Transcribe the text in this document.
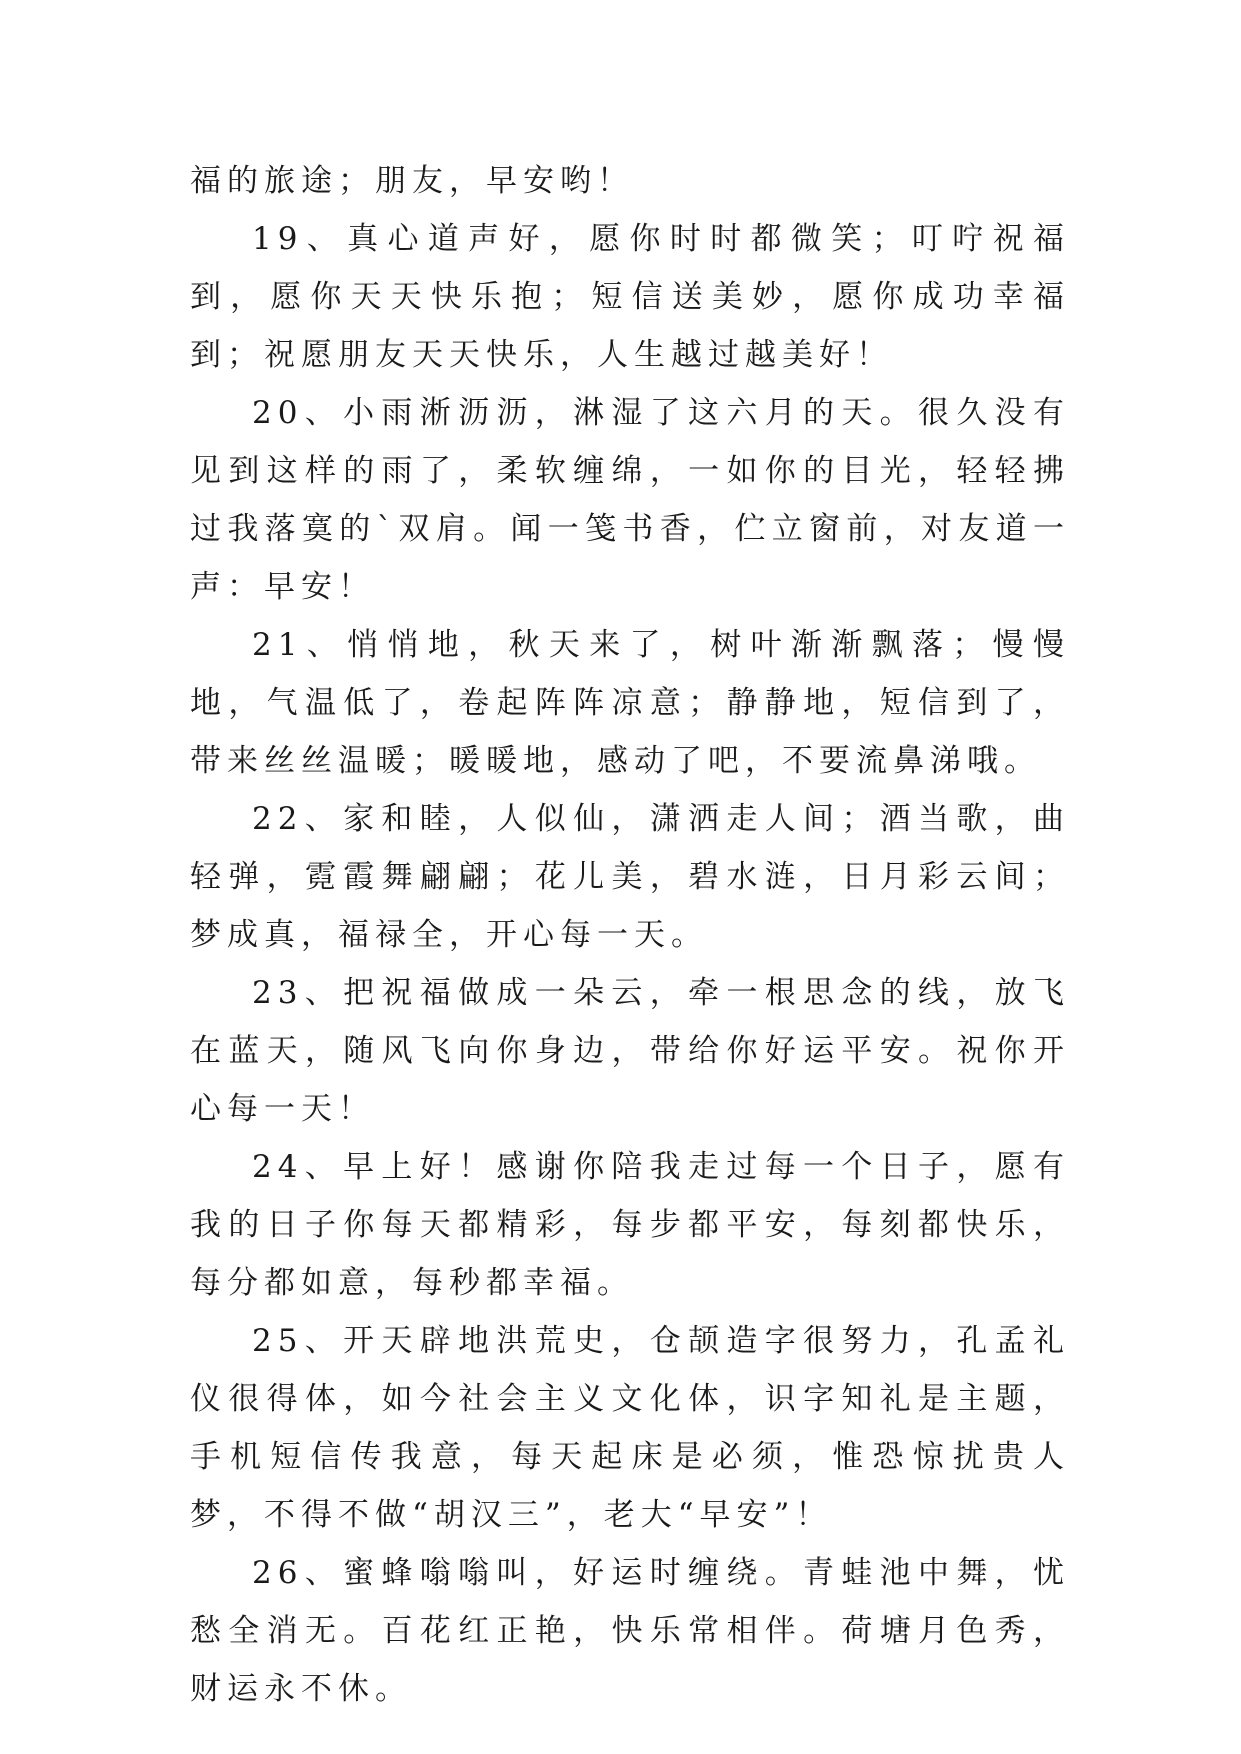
福的旅途；朋友，早安哟！

19、真心道声好，愿你时时都微笑；叮咛祝福到，愿你天天快乐抱；短信送美妙，愿你成功幸福到；祝愿朋友天天快乐，人生越过越美好！

20、小雨淅沥沥，淋湿了这六月的天。很久没有见到这样的雨了，柔软缠绵，一如你的目光，轻轻拂过我落寞的`双肩。闻一笺书香，伫立窗前，对友道一声：早安！

21、悄悄地，秋天来了，树叶渐渐飘落；慢慢地，气温低了，卷起阵阵凉意；静静地，短信到了，带来丝丝温暖；暖暖地，感动了吧，不要流鼻涕哦。

22、家和睦，人似仙，潇洒走人间；酒当歌，曲轻弹，霓霞舞翩翩；花儿美，碧水涟，日月彩云间；梦成真，福禄全，开心每一天。

23、把祝福做成一朵云，牵一根思念的线，放飞在蓝天，随风飞向你身边，带给你好运平安。祝你开心每一天！

24、早上好！感谢你陪我走过每一个日子，愿有我的日子你每天都精彩，每步都平安，每刻都快乐，每分都如意，每秒都幸福。

25、开天辟地洪荒史，仓颉造字很努力，孔孟礼仪很得体，如今社会主义文化体，识字知礼是主题，手机短信传我意，每天起床是必须，惟恐惊扰贵人梦，不得不做“胡汉三”，老大“早安”！

26、蜜蜂嗡嗡叫，好运时缠绕。青蛙池中舞，忧愁全消无。百花红正艳，快乐常相伴。荷塘月色秀，财运永不休。
